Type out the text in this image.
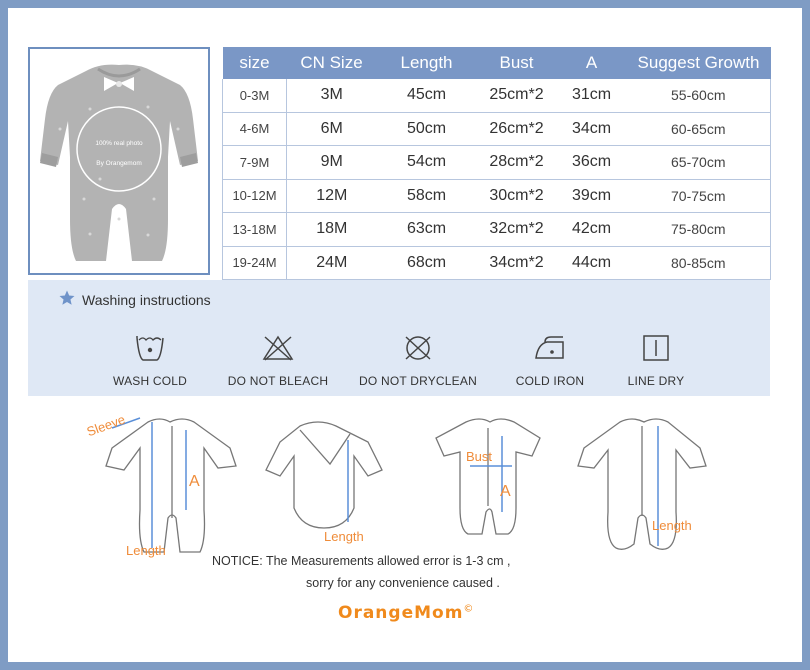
100% real photo
By Orangemom
size	CN Size	Length	Bust	A	Suggest Growth
0-3M	3M	45cm	25cm*2	31cm	55-60cm
4-6M	6M	50cm	26cm*2	34cm	60-65cm
7-9M	9M	54cm	28cm*2	36cm	65-70cm
10-12M	12M	58cm	30cm*2	39cm	70-75cm
13-18M	18M	63cm	32cm*2	42cm	75-80cm
19-24M	24M	68cm	34cm*2	44cm	80-85cm
Washing instructions
WASH COLD	DO NOT BLEACH	DO NOT DRYCLEAN	COLD IRON	LINE DRY
Sleeve
A
Length
Length
Bust
A
Length
NOTICE: The Measurements allowed error is 1-3 cm ,
sorry for any convenience caused .
OrangeMom©
